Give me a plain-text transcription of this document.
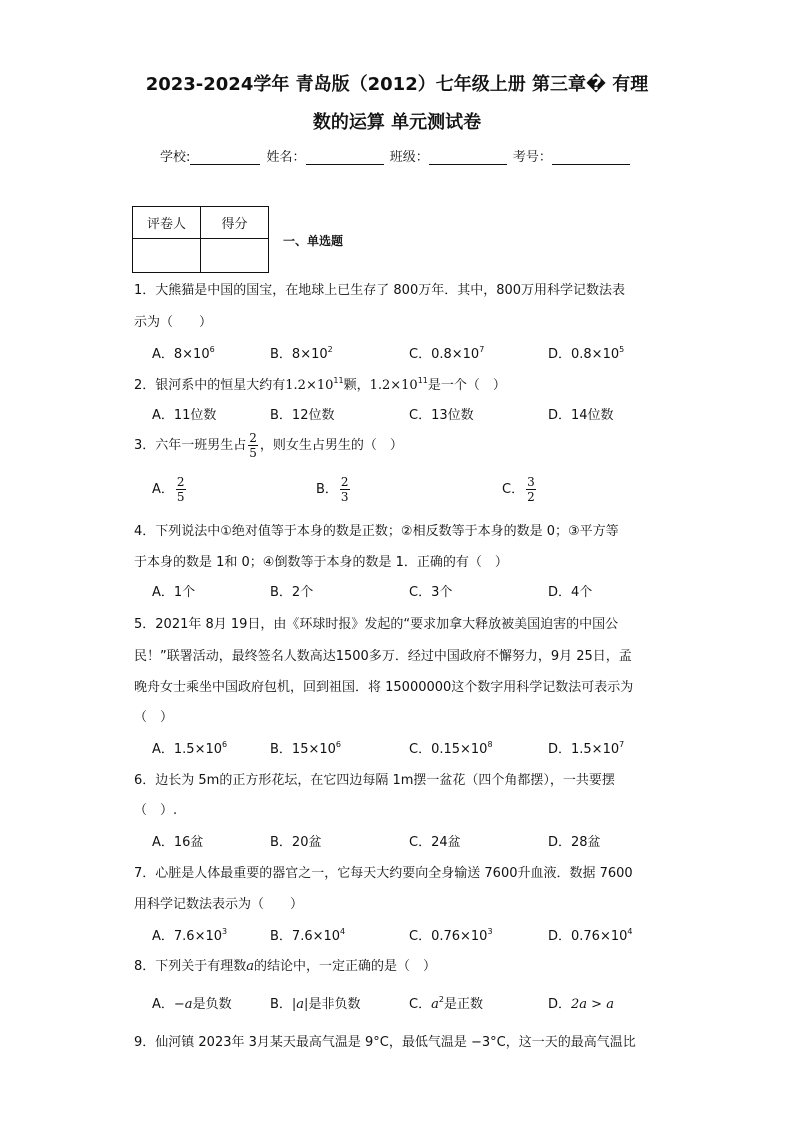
2023-2024学年 青岛版（2012）七年级上册 第三章� 有理
数的运算 单元测试卷
学校:	姓名：	班级：	考号：
评卷人	得分

一、单选题
1．大熊猫是中国的国宝，在地球上已生存了 800万年．其中，800万用科学记数法表
示为（　　）
A．$8\times 10^6$	B．$8\times 10^2$	C．$0.8\times 10^7$	D．$0.8\times 10^5$
2．银河系中的恒星大约有$1.2\times 10^{11}$颗，$1.2\times 10^{11}$是一个（　）
A．11位数	B．12位数	C．13位数	D．14位数
3．六年一班男生占 $\frac{2}{5}$ ，则女生占男生的（　）
A． $\frac{2}{5}$	B． $\frac{2}{3}$	C． $\frac{3}{2}$
4．下列说法中①绝对值等于本身的数是正数；②相反数等于本身的数是 0；③平方等
于本身的数是 1和 0；④倒数等于本身的数是 1．正确的有（　）
A．1个	B．2个	C．3个	D．4个
5．2021年 8月 19日，由《环球时报》发起的“要求加拿大释放被美国迫害的中国公
民！”联署活动，最终签名人数高达1500多万．经过中国政府不懈努力，9月 25日，孟
晚舟女士乘坐中国政府包机，回到祖国．将 15000000这个数字用科学记数法可表示为
（　）
A．$1.5\times 10^6$	B．$15\times 10^6$	C．$0.15\times 10^8$	D．$1.5\times 10^7$
6．边长为 5m的正方形花坛，在它四边每隔 1m摆一盆花（四个角都摆），一共要摆
（　）.
A．16盆	B．20盆	C．24盆	D．28盆
7．心脏是人体最重要的器官之一，它每天大约要向全身输送 7600升血液．数据 7600
用科学记数法表示为（　　）
A．$7.6\times 10^3$	B．$7.6\times 10^4$	C．$0.76\times 10^3$	D．$0.76\times 10^4$
8．下列关于有理数a的结论中，一定正确的是（　）
A．−a是负数	B．|a|是非负数	C．$a^2$是正数	D．2a > a
9．仙河镇 2023年 3月某天最高气温是 9°C，最低气温是 −3°C，这一天的最高气温比
